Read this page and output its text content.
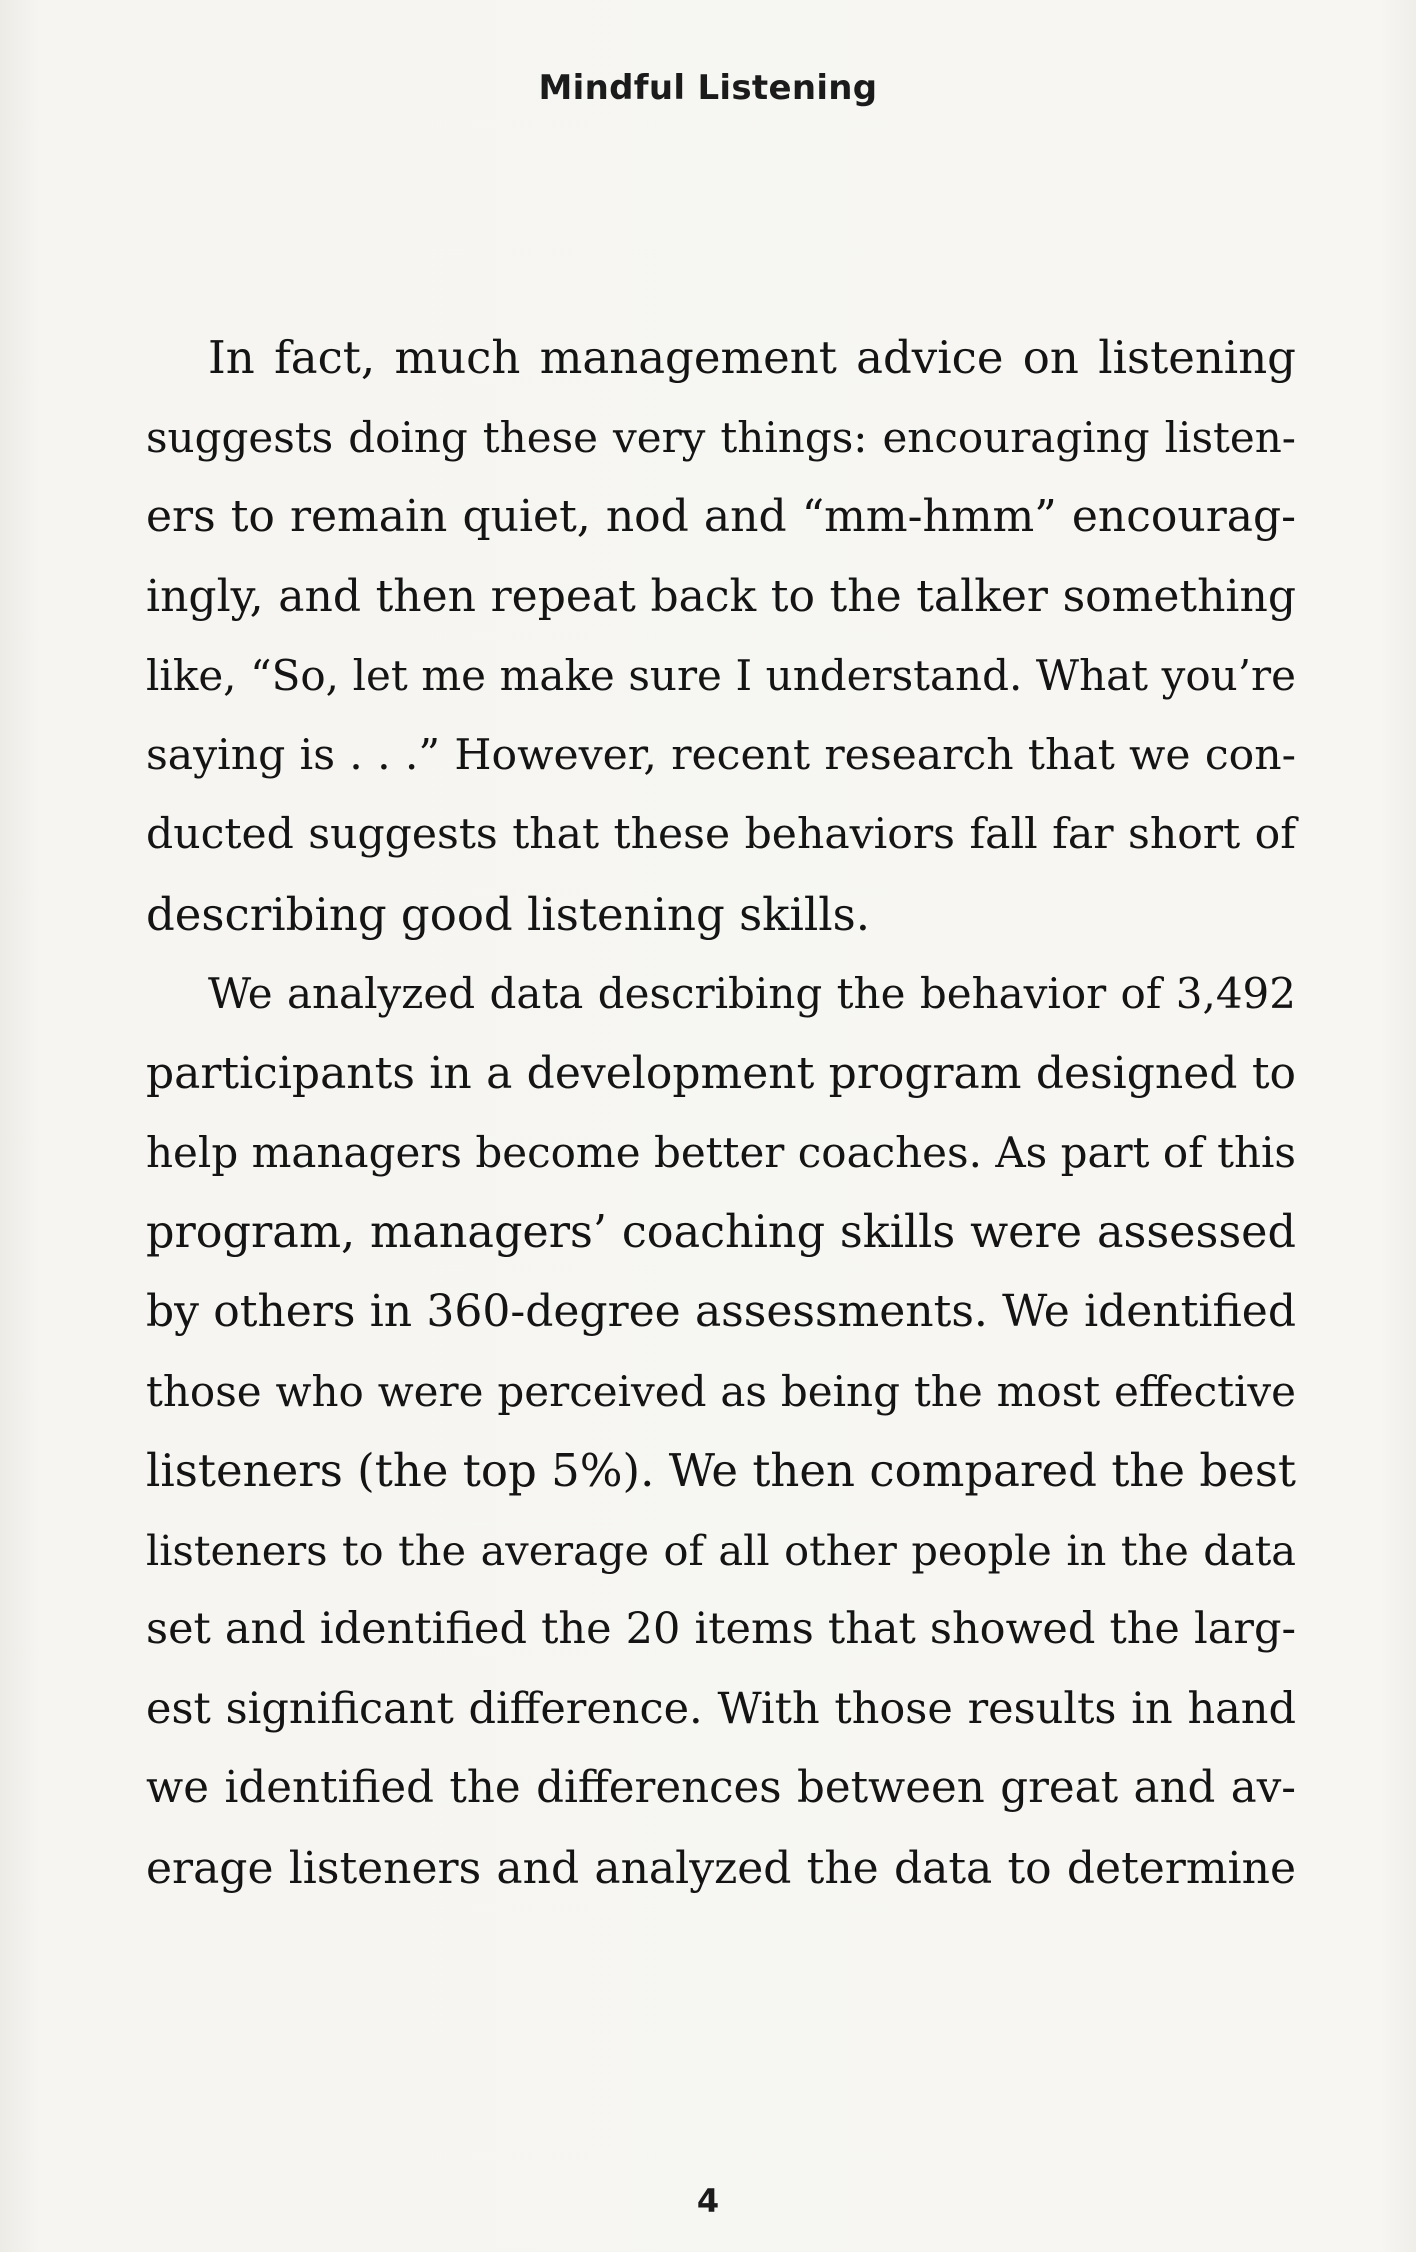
Mindful Listening
In fact, much management advice on listening
suggests doing these very things: encouraging listen-
ers to remain quiet, nod and “mm-hmm” encourag-
ingly, and then repeat back to the talker something
like, “So, let me make sure I understand. What you’re
saying is . . .” However, recent research that we con-
ducted suggests that these behaviors fall far short of
describing good listening skills.
We analyzed data describing the behavior of 3,492
participants in a development program designed to
help managers become better coaches. As part of this
program, managers’ coaching skills were assessed
by others in 360-degree assessments. We identified
those who were perceived as being the most effective
listeners (the top 5%). We then compared the best
listeners to the average of all other people in the data
set and identified the 20 items that showed the larg-
est significant difference. With those results in hand
we identified the differences between great and av-
erage listeners and analyzed the data to determine
4
